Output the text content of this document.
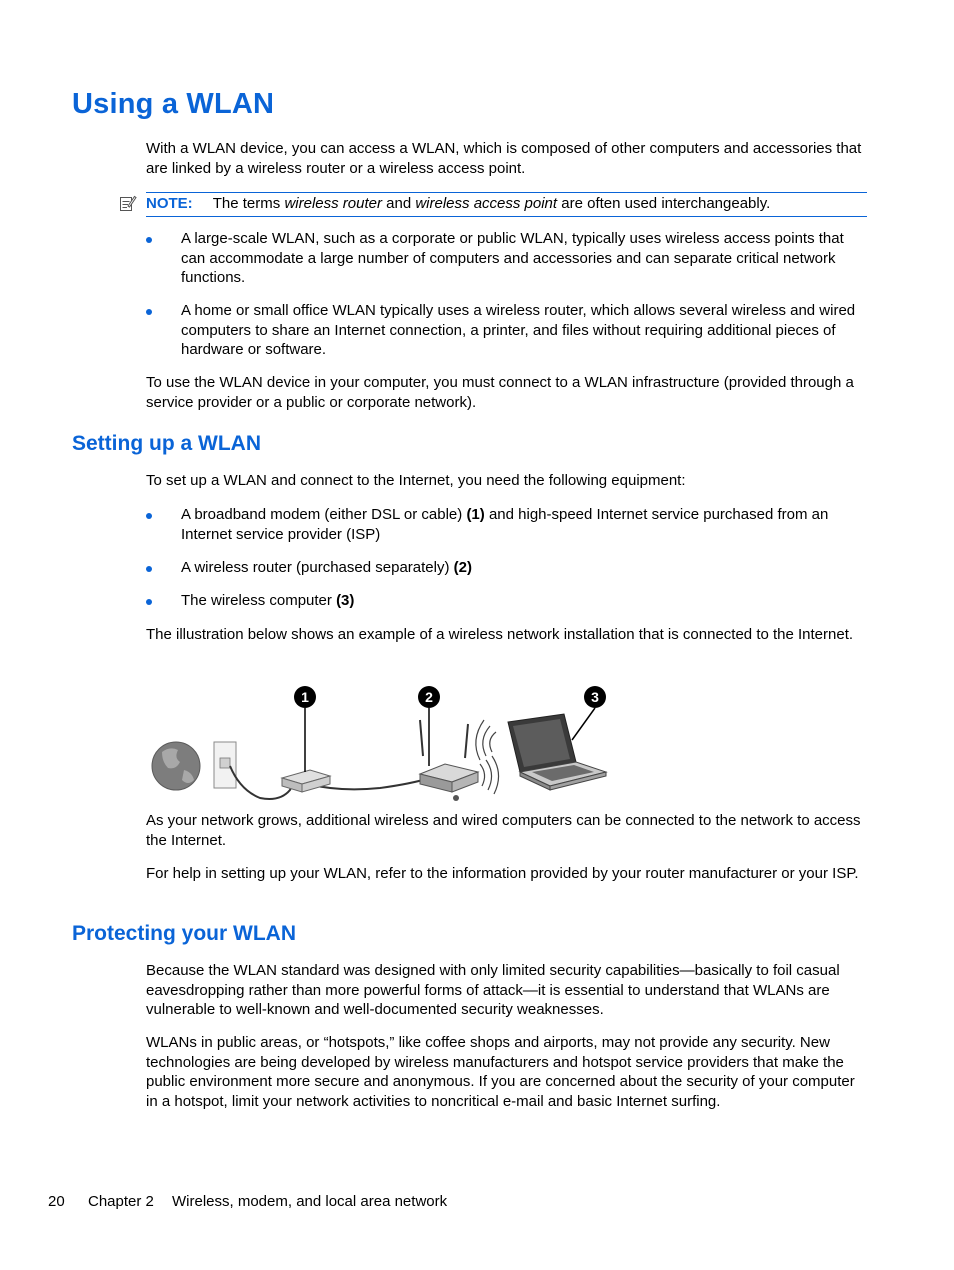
Using a WLAN

With a WLAN device, you can access a WLAN, which is composed of other computers and accessories that are linked by a wireless router or a wireless access point.

NOTE: The terms wireless router and wireless access point are often used interchangeably.

A large-scale WLAN, such as a corporate or public WLAN, typically uses wireless access points that can accommodate a large number of computers and accessories and can separate critical network functions.

A home or small office WLAN typically uses a wireless router, which allows several wireless and wired computers to share an Internet connection, a printer, and files without requiring additional pieces of hardware or software.

To use the WLAN device in your computer, you must connect to a WLAN infrastructure (provided through a service provider or a public or corporate network).

Setting up a WLAN

To set up a WLAN and connect to the Internet, you need the following equipment:

A broadband modem (either DSL or cable) (1) and high-speed Internet service purchased from an Internet service provider (ISP)

A wireless router (purchased separately) (2)

The wireless computer (3)

The illustration below shows an example of a wireless network installation that is connected to the Internet.

1	2	3

As your network grows, additional wireless and wired computers can be connected to the network to access the Internet.

For help in setting up your WLAN, refer to the information provided by your router manufacturer or your ISP.

Protecting your WLAN

Because the WLAN standard was designed with only limited security capabilities—basically to foil casual eavesdropping rather than more powerful forms of attack—it is essential to understand that WLANs are vulnerable to well-known and well-documented security weaknesses.

WLANs in public areas, or “hotspots,” like coffee shops and airports, may not provide any security. New technologies are being developed by wireless manufacturers and hotspot service providers that make the public environment more secure and anonymous. If you are concerned about the security of your computer in a hotspot, limit your network activities to noncritical e-mail and basic Internet surfing.

20 Chapter 2 Wireless, modem, and local area network
